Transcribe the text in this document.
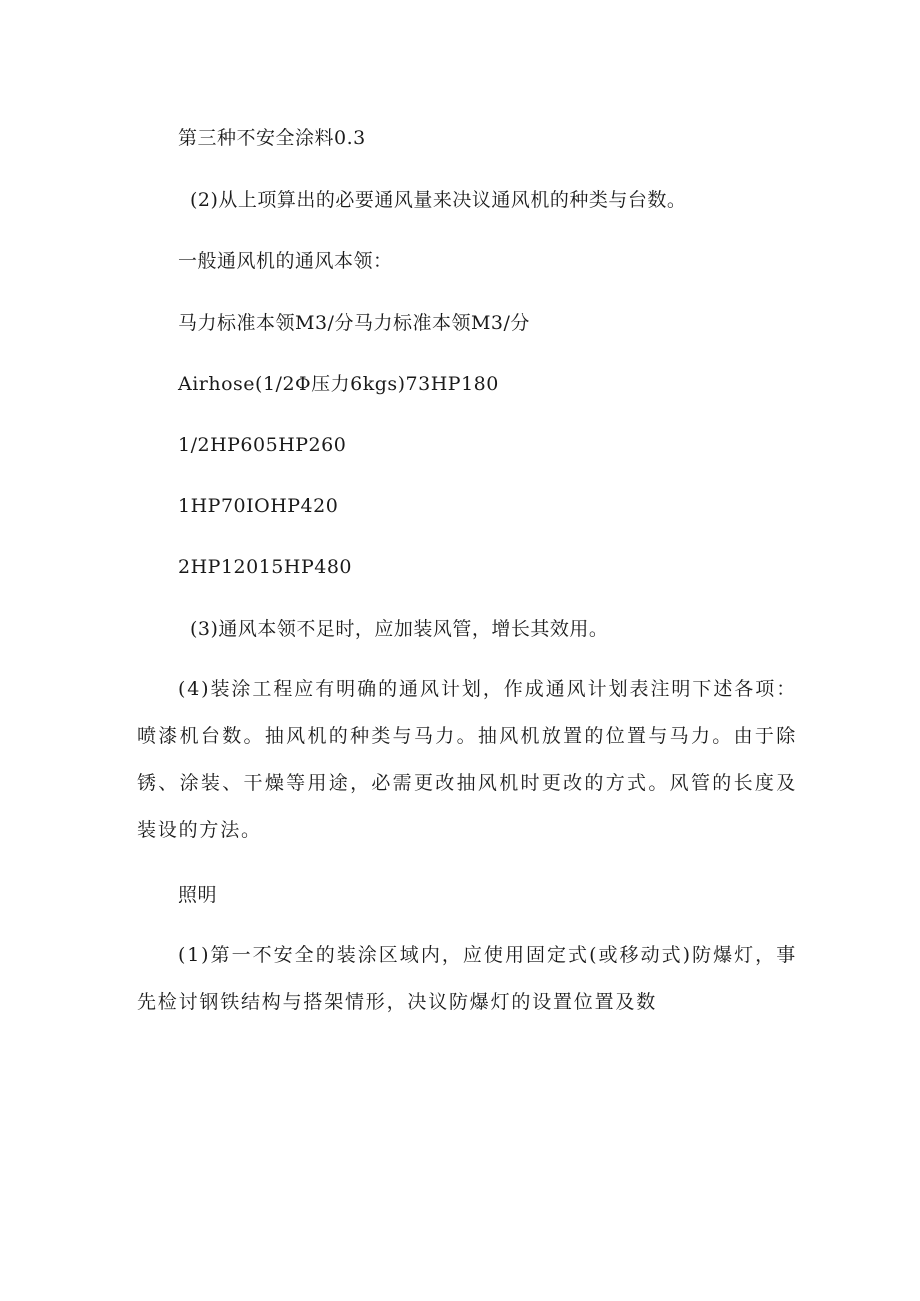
第三种不安全涂料0.3
(2)从上项算出的必要通风量来决议通风机的种类与台数。
一般通风机的通风本领：
马力标准本领M3/分马力标准本领M3/分
Airhose(1/2Φ压力6kgs)73HP180
1/2HP605HP260
1HP70IOHP420
2HP12015HP480
(3)通风本领不足时，应加装风管，增长其效用。
(4)装涂工程应有明确的通风计划，作成通风计划表注明下述各项：喷漆机台数。抽风机的种类与马力。抽风机放置的位置与马力。由于除锈、涂装、干燥等用途，必需更改抽风机时更改的方式。风管的长度及装设的方法。
照明
(1)第一不安全的装涂区域内，应使用固定式(或移动式)防爆灯，事先检讨钢铁结构与搭架情形，决议防爆灯的设置位置及数
